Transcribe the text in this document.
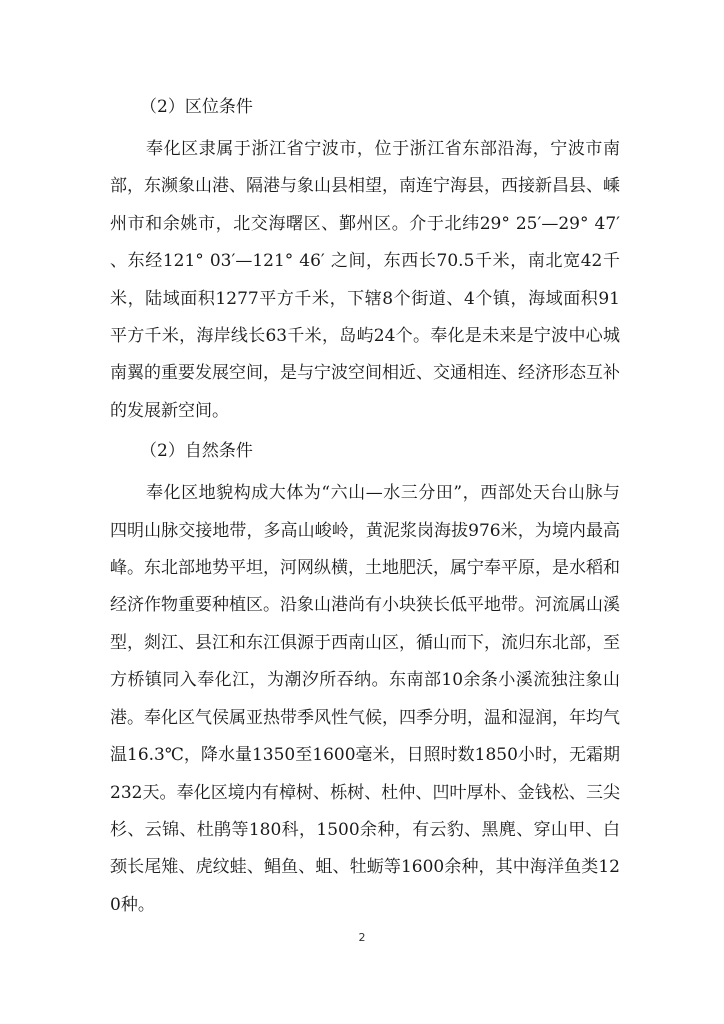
（2）区位条件

奉化区隶属于浙江省宁波市，位于浙江省东部沿海，宁波市南部，东濒象山港、隔港与象山县相望，南连宁海县，西接新昌县、嵊州市和余姚市，北交海曙区、鄞州区。介于北纬29° 25′—29° 47′ 、东经121° 03′—121° 46′ 之间，东西长70.5千米，南北宽42千米，陆域面积1277平方千米，下辖8个街道、4个镇，海域面积91平方千米，海岸线长63千米，岛屿24个。奉化是未来是宁波中心城南翼的重要发展空间，是与宁波空间相近、交通相连、经济形态互补的发展新空间。

（2）自然条件

奉化区地貌构成大体为“六山—水三分田”，西部处天台山脉与四明山脉交接地带，多高山峻岭，黄泥浆岗海拔976米，为境内最高峰。东北部地势平坦，河网纵横，土地肥沃，属宁奉平原，是水稻和经济作物重要种植区。沿象山港尚有小块狭长低平地带。河流属山溪型，剡江、县江和东江俱源于西南山区，循山而下，流归东北部，至方桥镇同入奉化江，为潮汐所吞纳。东南部10余条小溪流独注象山港。奉化区气侯属亚热带季风性气候，四季分明，温和湿润，年均气温16.3℃，降水量1350至1600毫米，日照时数1850小时，无霜期232天。奉化区境内有樟树、栎树、杜仲、凹叶厚朴、金钱松、三尖杉、云锦、杜鹃等180科，1500余种，有云豹、黑麂、穿山甲、白颈长尾雉、虎纹蛙、鲳鱼、蛆、牡蛎等1600余种，其中海洋鱼类120种。

2
